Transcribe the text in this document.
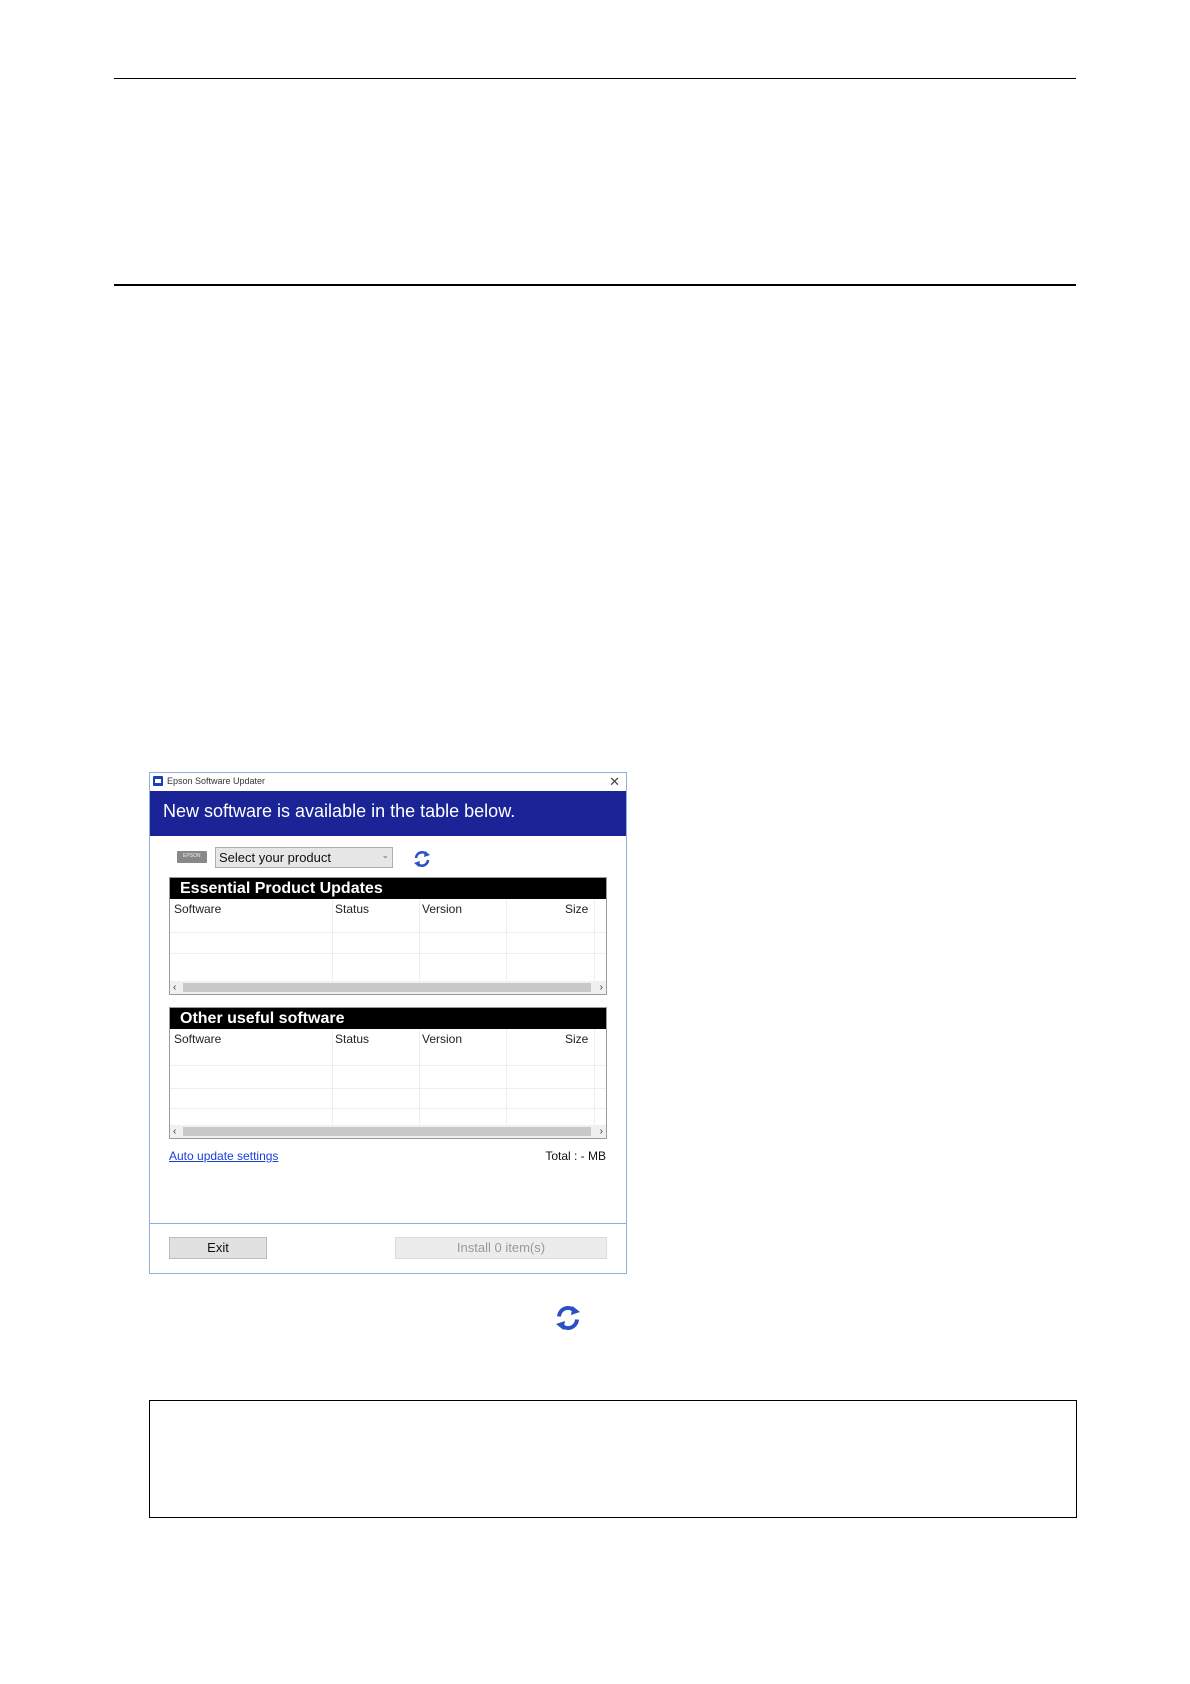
Epson Software Updater	✕
New software is available in the table below.
EPSON
Select your product	⌄
Essential Product Updates
Software	Status	Version	Size
‹	›
Other useful software
Software	Status	Version	Size
‹	›
Auto update settings	Total : - MB
Exit	Install 0 item(s)
